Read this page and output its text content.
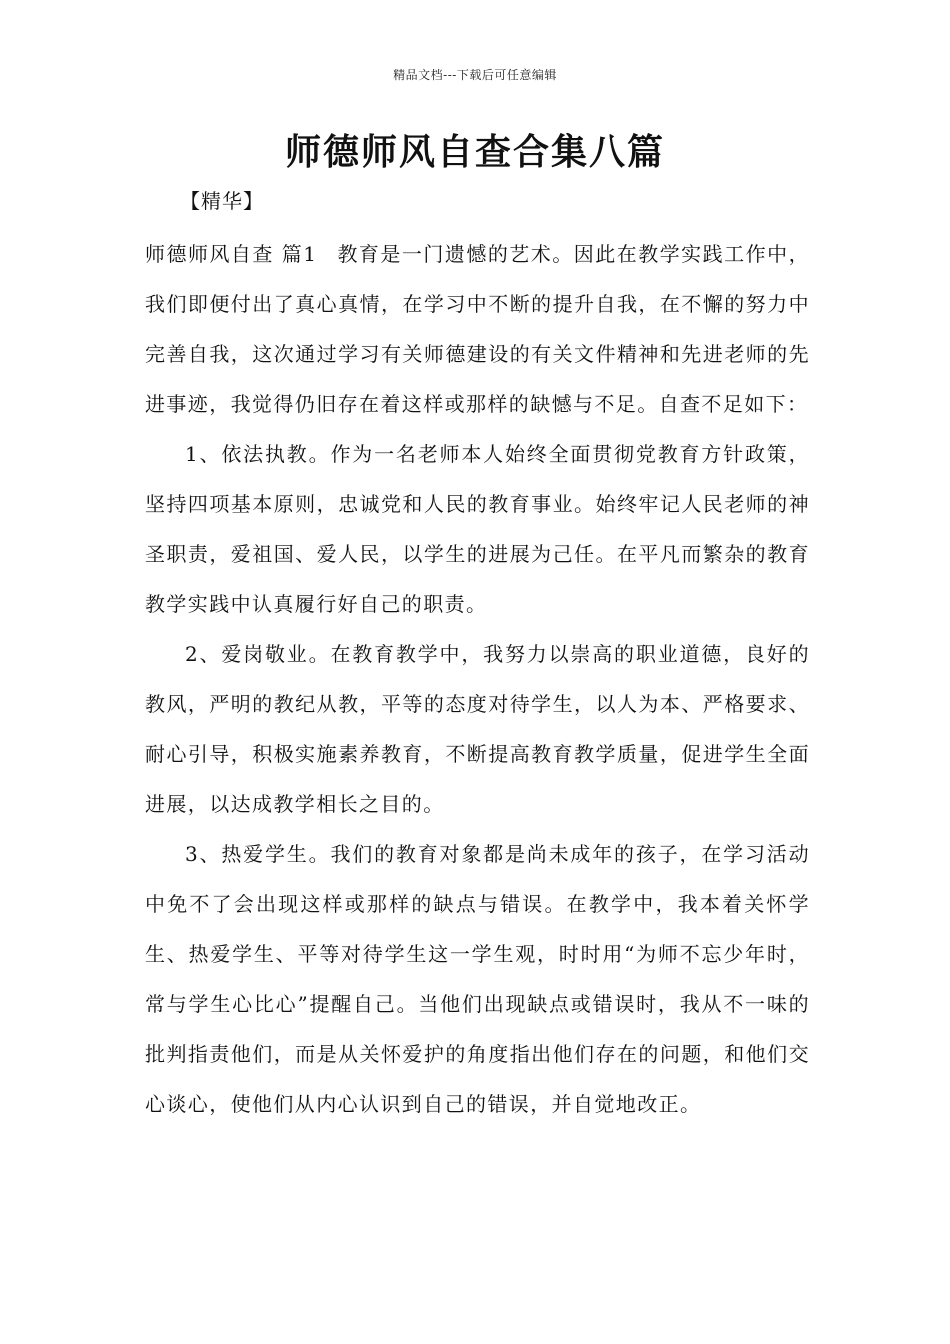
精品文档---下载后可任意编辑
师德师风自查合集八篇
【精华】

师德师风自查 篇1 教育是一门遗憾的艺术。因此在教学实践工作中，我们即便付出了真心真情，在学习中不断的提升自我，在不懈的努力中完善自我，这次通过学习有关师德建设的有关文件精神和先进老师的先进事迹，我觉得仍旧存在着这样或那样的缺憾与不足。自查不足如下：

1、依法执教。作为一名老师本人始终全面贯彻党教育方针政策，坚持四项基本原则，忠诚党和人民的教育事业。始终牢记人民老师的神圣职责，爱祖国、爱人民，以学生的进展为己任。在平凡而繁杂的教育教学实践中认真履行好自己的职责。

2、爱岗敬业。在教育教学中，我努力以崇高的职业道德，良好的教风，严明的教纪从教，平等的态度对待学生，以人为本、严格要求、耐心引导，积极实施素养教育，不断提高教育教学质量，促进学生全面进展，以达成教学相长之目的。

3、热爱学生。我们的教育对象都是尚未成年的孩子，在学习活动中免不了会出现这样或那样的缺点与错误。在教学中，我本着关怀学生、热爱学生、平等对待学生这一学生观，时时用“为师不忘少年时，常与学生心比心”提醒自己。当他们出现缺点或错误时，我从不一味的批判指责他们，而是从关怀爱护的角度指出他们存在的问题，和他们交心谈心，使他们从内心认识到自己的错误，并自觉地改正。
